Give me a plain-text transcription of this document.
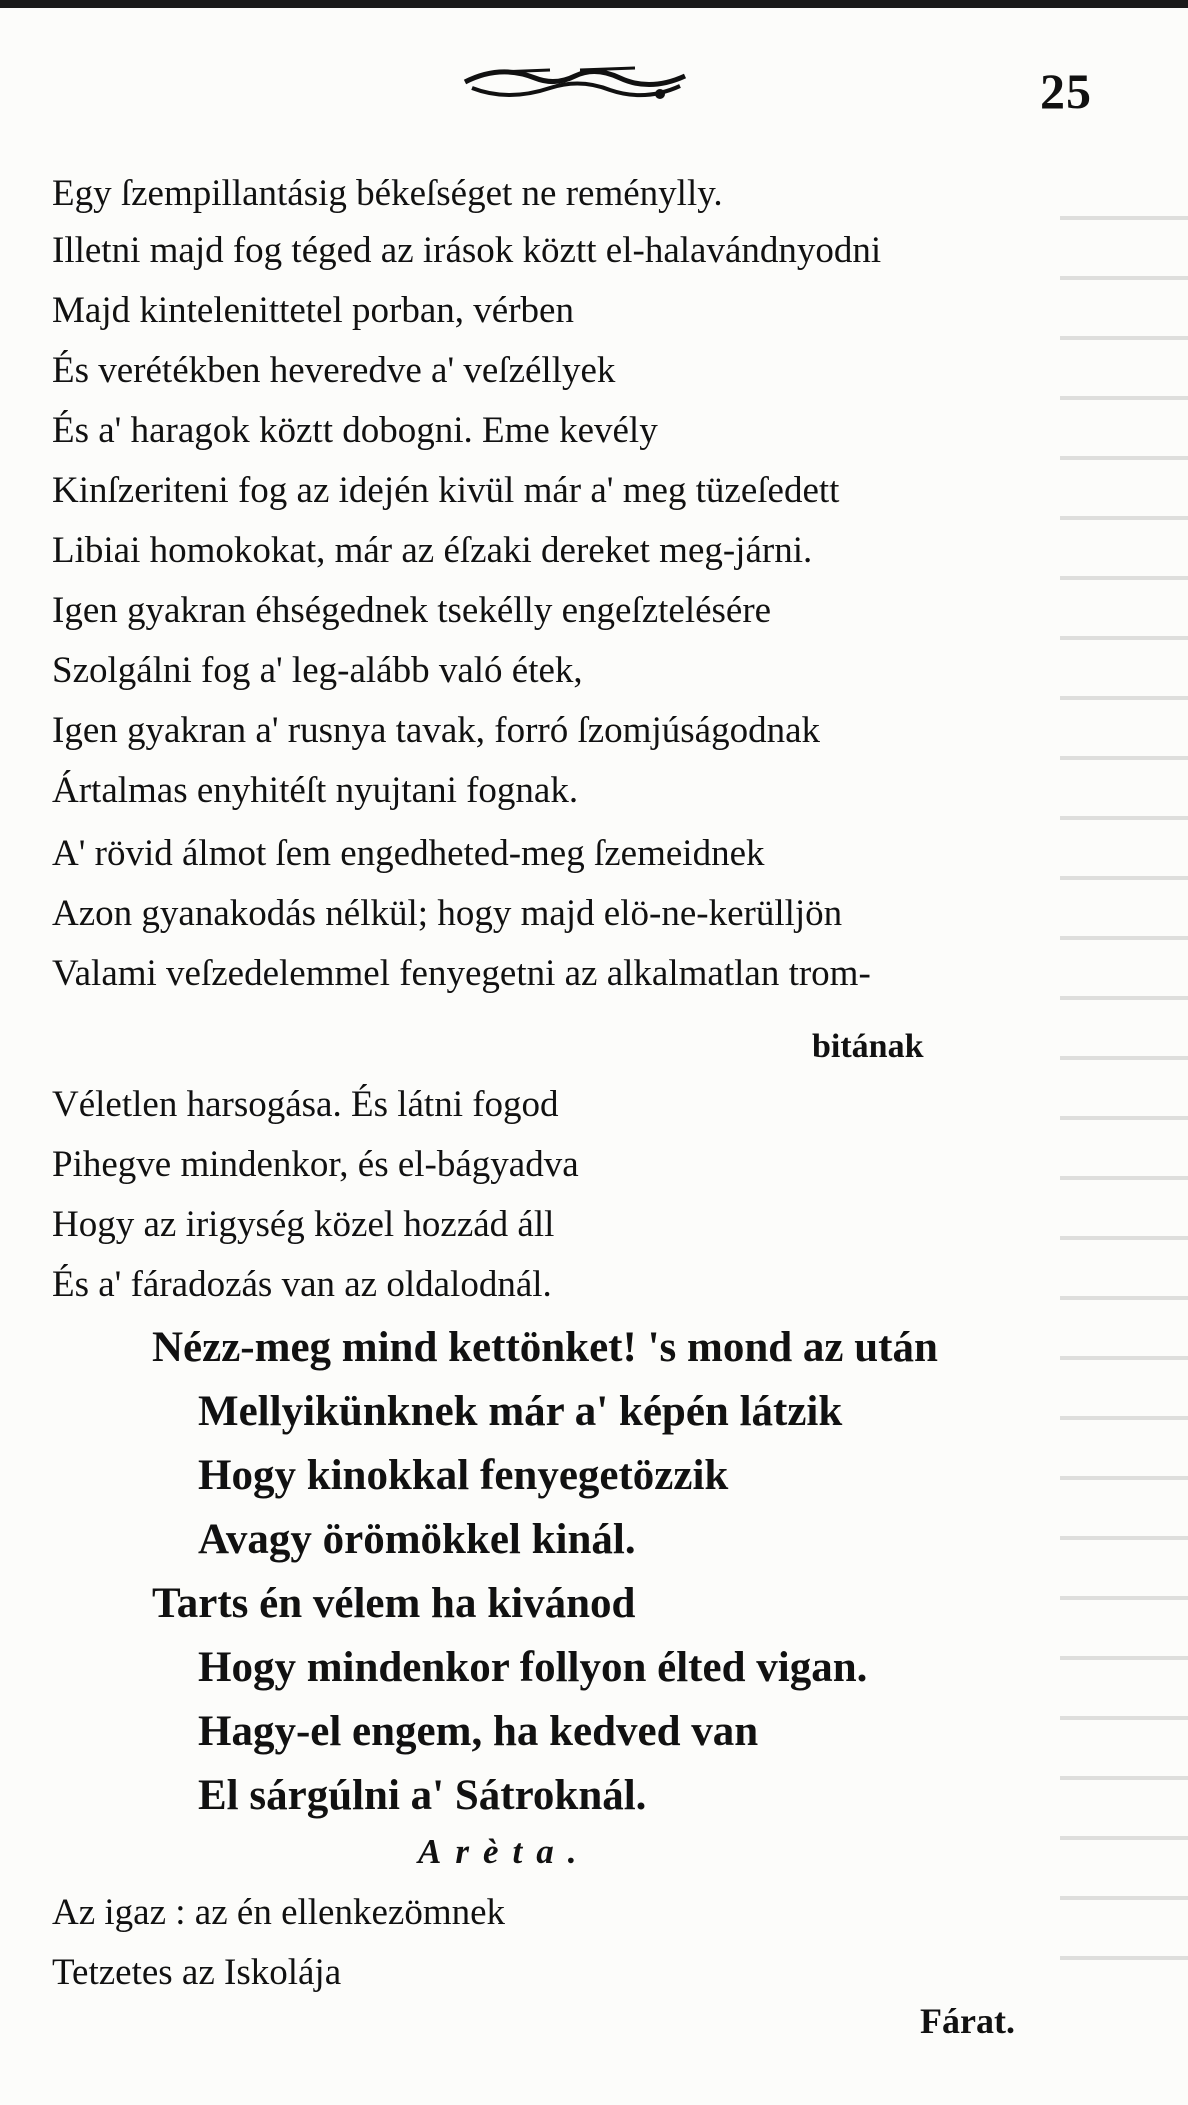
25
Egy ſzempillantásig békeſséget ne reménylly.
Illetni majd fog téged az irások köztt el-halavándnyodni
Majd kintelenittetel porban, vérben
És verétékben heveredve a' veſzéllyek
És a' haragok köztt dobogni. Eme kevély
Kinſzeriteni fog az idején kivül már a' meg tüzeſedett
Libiai homokokat, már az éſzaki dereket meg-járni.
Igen gyakran éhségednek tsekélly engeſztelésére
Szolgálni fog a' leg-alább való étek,
Igen gyakran a' rusnya tavak, forró ſzomjúságodnak
Ártalmas enyhitéſt nyujtani fognak.
A' rövid álmot ſem engedheted-meg ſzemeidnek
Azon gyanakodás nélkül; hogy majd elö-ne-kerülljön
Valami veſzedelemmel fenyegetni az alkalmatlan trom-
bitának
Véletlen harsogása. És látni fogod
Pihegve mindenkor, és el-bágyadva
Hogy az irigység közel hozzád áll
És a' fáradozás van az oldalodnál.
Nézz-meg mind kettönket! 's mond az után
Mellyikünknek már a' képén látzik
Hogy kinokkal fenyegetözzik
Avagy örömökkel kinál.
Tarts én vélem ha kivánod
Hogy mindenkor follyon élted vigan.
Hagy-el engem, ha kedved van
El sárgúlni a' Sátroknál.
Arèta.
Az igaz : az én ellenkezömnek
Tetzetes az Iskolája
Fárat.
